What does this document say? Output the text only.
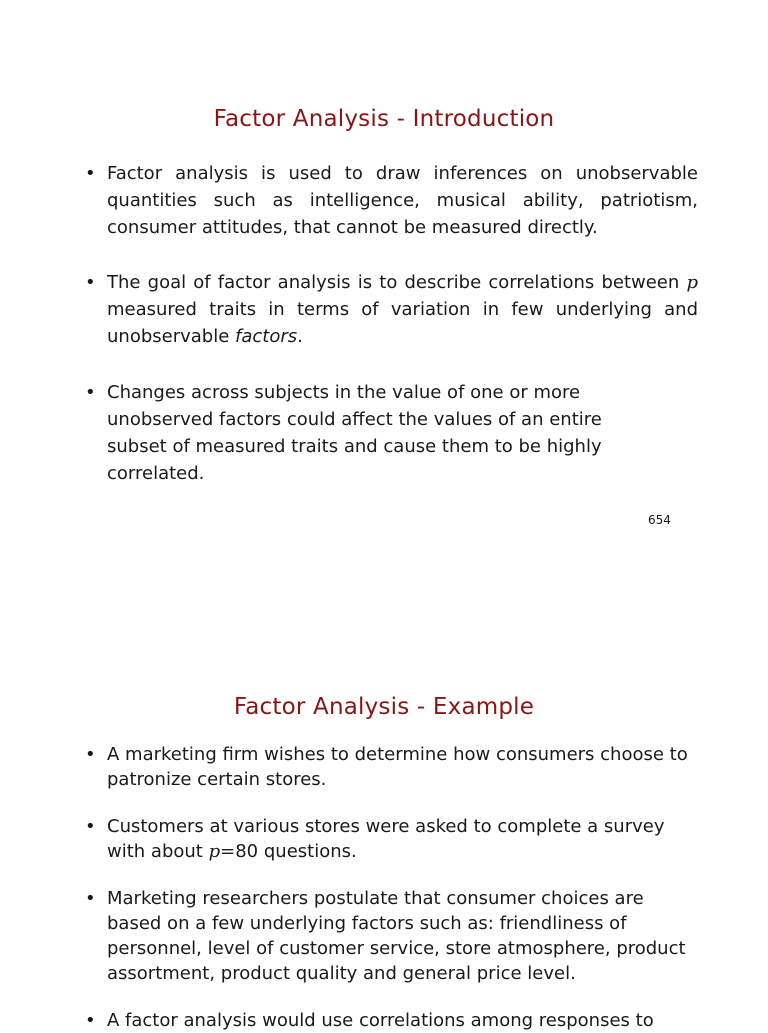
Factor Analysis - Introduction
• Factor analysis is used to draw inferences on unobservable quantities such as intelligence, musical ability, patriotism, consumer attitudes, that cannot be measured directly.
• The goal of factor analysis is to describe correlations between p measured traits in terms of variation in few underlying and unobservable factors.
• Changes across subjects in the value of one or more unobserved factors could affect the values of an entire subset of measured traits and cause them to be highly correlated.
654
Factor Analysis - Example
• A marketing firm wishes to determine how consumers choose to patronize certain stores.
• Customers at various stores were asked to complete a survey with about p=80 questions.
• Marketing researchers postulate that consumer choices are based on a few underlying factors such as: friendliness of personnel, level of customer service, store atmosphere, product assortment, product quality and general price level.
• A factor analysis would use correlations among responses to
